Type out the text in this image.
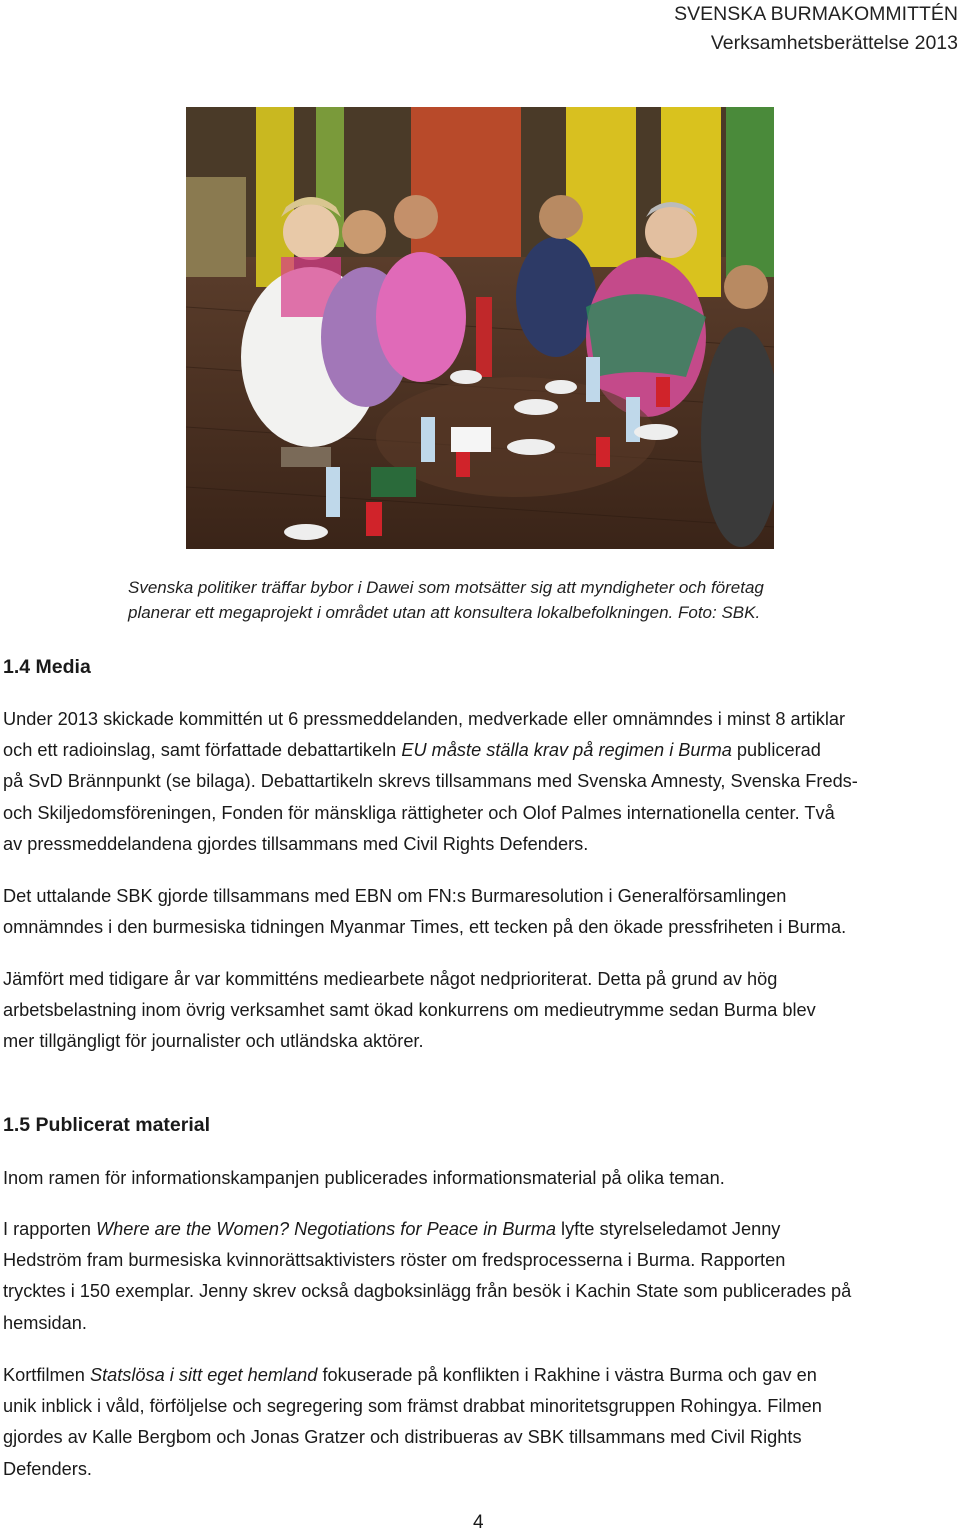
SVENSKA BURMAKOMMITTÉN
Verksamhetsberättelse 2013
Svenska politiker träffar bybor i Dawei som motsätter sig att myndigheter och företag
planerar ett megaprojekt i området utan att konsultera lokalbefolkningen. Foto: SBK.
1.4 Media
Under 2013 skickade kommittén ut 6 pressmeddelanden, medverkade eller omnämndes i minst 8 artiklar
och ett radioinslag, samt författade debattartikeln EU måste ställa krav på regimen i Burma publicerad
på SvD Brännpunkt (se bilaga). Debattartikeln skrevs tillsammans med Svenska Amnesty, Svenska Freds-
och Skiljedomsföreningen, Fonden för mänskliga rättigheter och Olof Palmes internationella center. Två
av pressmeddelandena gjordes tillsammans med Civil Rights Defenders.
Det uttalande SBK gjorde tillsammans med EBN om FN:s Burmaresolution i Generalförsamlingen
omnämndes i den burmesiska tidningen Myanmar Times, ett tecken på den ökade pressfriheten i Burma.
Jämfört med tidigare år var kommitténs mediearbete något nedprioriterat. Detta på grund av hög
arbetsbelastning inom övrig verksamhet samt ökad konkurrens om medieutrymme sedan Burma blev
mer tillgängligt för journalister och utländska aktörer.
1.5 Publicerat material
Inom ramen för informationskampanjen publicerades informationsmaterial på olika teman.
I rapporten Where are the Women? Negotiations for Peace in Burma lyfte styrelseledamot Jenny
Hedström fram burmesiska kvinnorättsaktivisters röster om fredsprocesserna i Burma. Rapporten
trycktes i 150 exemplar. Jenny skrev också dagboksinlägg från besök i Kachin State som publicerades på
hemsidan.
Kortfilmen Statslösa i sitt eget hemland fokuserade på konflikten i Rakhine i västra Burma och gav en
unik inblick i våld, förföljelse och segregering som främst drabbat minoritetsgruppen Rohingya. Filmen
gjordes av Kalle Bergbom och Jonas Gratzer och distribueras av SBK tillsammans med Civil Rights
Defenders.
4
